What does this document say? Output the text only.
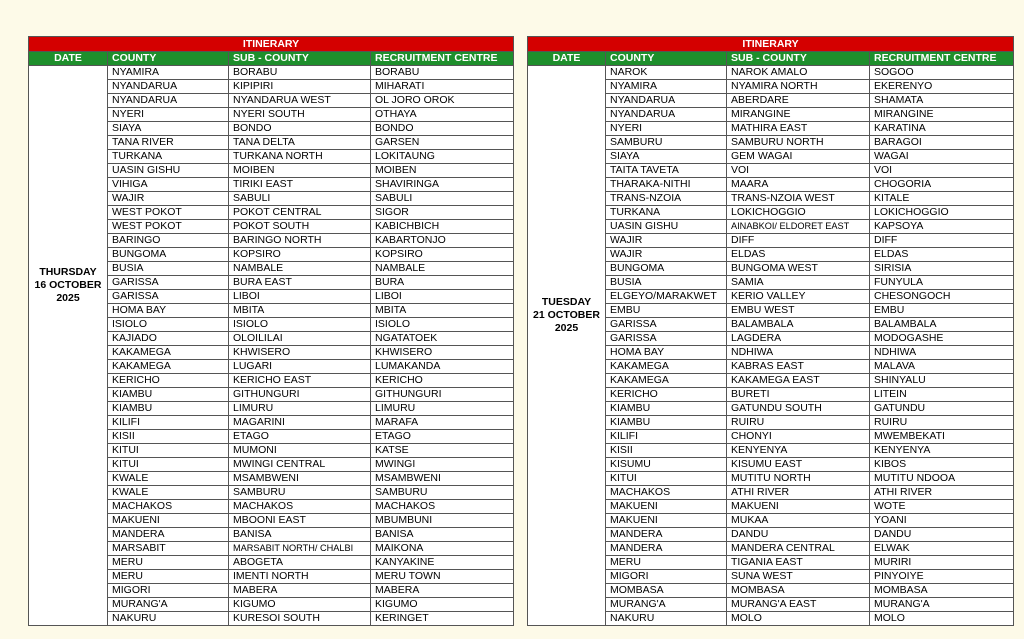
ITINERARY			
DATE	COUNTY	SUB - COUNTY	RECRUITMENT CENTRE

THURSDAY
16 OCTOBER
2025	NYAMIRA	BORABU	BORABU
	NYANDARUA	KIPIPIRI	MIHARATI
	NYANDARUA	NYANDARUA WEST	OL JORO OROK
	NYERI	NYERI SOUTH	OTHAYA
	SIAYA	BONDO	BONDO
	TANA RIVER	TANA DELTA	GARSEN
	TURKANA	TURKANA NORTH	LOKITAUNG
	UASIN GISHU	MOIBEN	MOIBEN
	VIHIGA	TIRIKI EAST	SHAVIRINGA
	WAJIR	SABULI	SABULI
	WEST POKOT	POKOT CENTRAL	SIGOR
	WEST POKOT	POKOT SOUTH	KABICHBICH
	BARINGO	BARINGO NORTH	KABARTONJO
	BUNGOMA	KOPSIRO	KOPSIRO
	BUSIA	NAMBALE	NAMBALE
	GARISSA	BURA EAST	BURA
	GARISSA	LIBOI	LIBOI
	HOMA BAY	MBITA	MBITA
	ISIOLO	ISIOLO	ISIOLO
	KAJIADO	OLOILILAI	NGATATOEK
	KAKAMEGA	KHWISERO	KHWISERO
	KAKAMEGA	LUGARI	LUMAKANDA
	KERICHO	KERICHO EAST	KERICHO
	KIAMBU	GITHUNGURI	GITHUNGURI
	KIAMBU	LIMURU	LIMURU
	KILIFI	MAGARINI	MARAFA
	KISII	ETAGO	ETAGO
	KITUI	MUMONI	KATSE
	KITUI	MWINGI CENTRAL	MWINGI
	KWALE	MSAMBWENI	MSAMBWENI
	KWALE	SAMBURU	SAMBURU
	MACHAKOS	MACHAKOS	MACHAKOS
	MAKUENI	MBOONI EAST	MBUMBUNI
	MANDERA	BANISA	BANISA
	MARSABIT	MARSABIT NORTH/ CHALBI	MAIKONA
	MERU	ABOGETA	KANYAKINE
	MERU	IMENTI NORTH	MERU TOWN
	MIGORI	MABERA	MABERA
	MURANG'A	KIGUMO	KIGUMO
	NAKURU	KURESOI SOUTH	KERINGET
ITINERARY			
DATE	COUNTY	SUB - COUNTY	RECRUITMENT CENTRE

TUESDAY
21 OCTOBER
2025	NAROK	NAROK AMALO	SOGOO
	NYAMIRA	NYAMIRA NORTH	EKERENYO
	NYANDARUA	ABERDARE	SHAMATA
	NYANDARUA	MIRANGINE	MIRANGINE
	NYERI	MATHIRA EAST	KARATINA
	SAMBURU	SAMBURU NORTH	BARAGOI
	SIAYA	GEM WAGAI	WAGAI
	TAITA TAVETA	VOI	VOI
	THARAKA-NITHI	MAARA	CHOGORIA
	TRANS-NZOIA	TRANS-NZOIA WEST	KITALE
	TURKANA	LOKICHOGGIO	LOKICHOGGIO
	UASIN GISHU	AINABKOI/ ELDORET EAST	KAPSOYA
	WAJIR	DIFF	DIFF
	WAJIR	ELDAS	ELDAS
	BUNGOMA	BUNGOMA WEST	SIRISIA
	BUSIA	SAMIA	FUNYULA
	ELGEYO/MARAKWET	KERIO VALLEY	CHESONGOCH
	EMBU	EMBU WEST	EMBU
	GARISSA	BALAMBALA	BALAMBALA
	GARISSA	LAGDERA	MODOGASHE
	HOMA BAY	NDHIWA	NDHIWA
	KAKAMEGA	KABRAS EAST	MALAVA
	KAKAMEGA	KAKAMEGA EAST	SHINYALU
	KERICHO	BURETI	LITEIN
	KIAMBU	GATUNDU SOUTH	GATUNDU
	KIAMBU	RUIRU	RUIRU
	KILIFI	CHONYI	MWEMBEKATI
	KISII	KENYENYA	KENYENYA
	KISUMU	KISUMU EAST	KIBOS
	KITUI	MUTITU NORTH	MUTITU NDOOA
	MACHAKOS	ATHI RIVER	ATHI RIVER
	MAKUENI	MAKUENI	WOTE
	MAKUENI	MUKAA	YOANI
	MANDERA	DANDU	DANDU
	MANDERA	MANDERA CENTRAL	ELWAK
	MERU	TIGANIA EAST	MURIRI
	MIGORI	SUNA WEST	PINYOIYE
	MOMBASA	MOMBASA	MOMBASA
	MURANG'A	MURANG'A EAST	MURANG'A
	NAKURU	MOLO	MOLO
